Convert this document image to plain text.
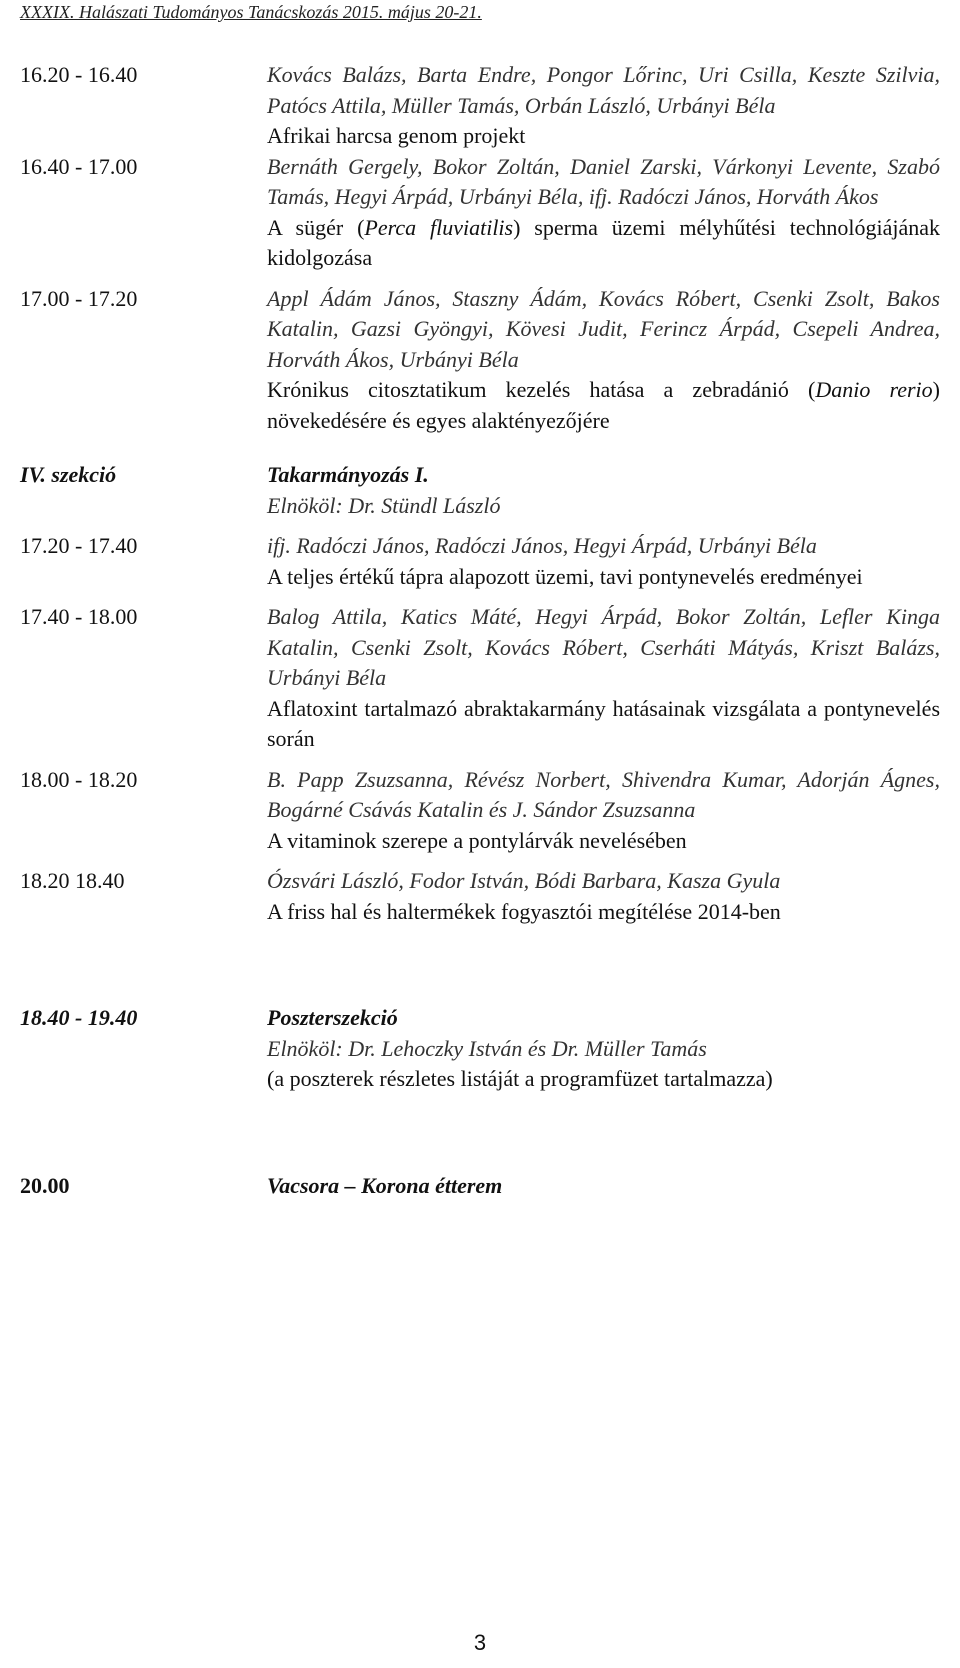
XXXIX. Halászati Tudományos Tanácskozás 2015. május 20-21.
16.20 - 16.40	Kovács Balázs, Barta Endre, Pongor Lőrinc, Uri Csilla, Keszte Szilvia, Patócs Attila, Müller Tamás, Orbán László, Urbányi Béla
Afrikai harcsa genom projekt
16.40 - 17.00	Bernáth Gergely, Bokor Zoltán, Daniel Zarski, Várkonyi Levente, Szabó Tamás, Hegyi Árpád, Urbányi Béla, ifj. Radóczi János, Horváth Ákos
A sügér (Perca fluviatilis) sperma üzemi mélyhűtési technológiájának kidolgozása
17.00 - 17.20	Appl Ádám János, Staszny Ádám, Kovács Róbert, Csenki Zsolt, Bakos Katalin, Gazsi Gyöngyi, Kövesi Judit, Ferincz Árpád, Csepeli Andrea, Horváth Ákos, Urbányi Béla
Krónikus citosztatikum kezelés hatása a zebradánió (Danio rerio) növekedésére és egyes alaktényezőjére
IV. szekció	Takarmányozás I.
Elnököl: Dr. Stündl László
17.20 - 17.40	ifj. Radóczi János, Radóczi János, Hegyi Árpád, Urbányi Béla
A teljes értékű tápra alapozott üzemi, tavi pontynevelés eredményei
17.40 - 18.00	Balog Attila, Katics Máté, Hegyi Árpád, Bokor Zoltán, Lefler Kinga Katalin, Csenki Zsolt, Kovács Róbert, Cserháti Mátyás, Kriszt Balázs, Urbányi Béla
Aflatoxint tartalmazó abraktakarmány hatásainak vizsgálata a pontynevelés során
18.00 - 18.20	B. Papp Zsuzsanna, Révész Norbert, Shivendra Kumar, Adorján Ágnes, Bogárné Csávás Katalin és J. Sándor Zsuzsanna
A vitaminok szerepe a pontylárvák nevelésében
18.20 18.40	Ózsvári László, Fodor István, Bódi Barbara, Kasza Gyula
A friss hal és haltermékek fogyasztói megítélése 2014-ben
18.40 - 19.40	Poszterszekció
Elnököl: Dr. Lehoczky István és Dr. Müller Tamás
(a poszterek részletes listáját a programfüzet tartalmazza)
20.00	Vacsora – Korona étterem
3
